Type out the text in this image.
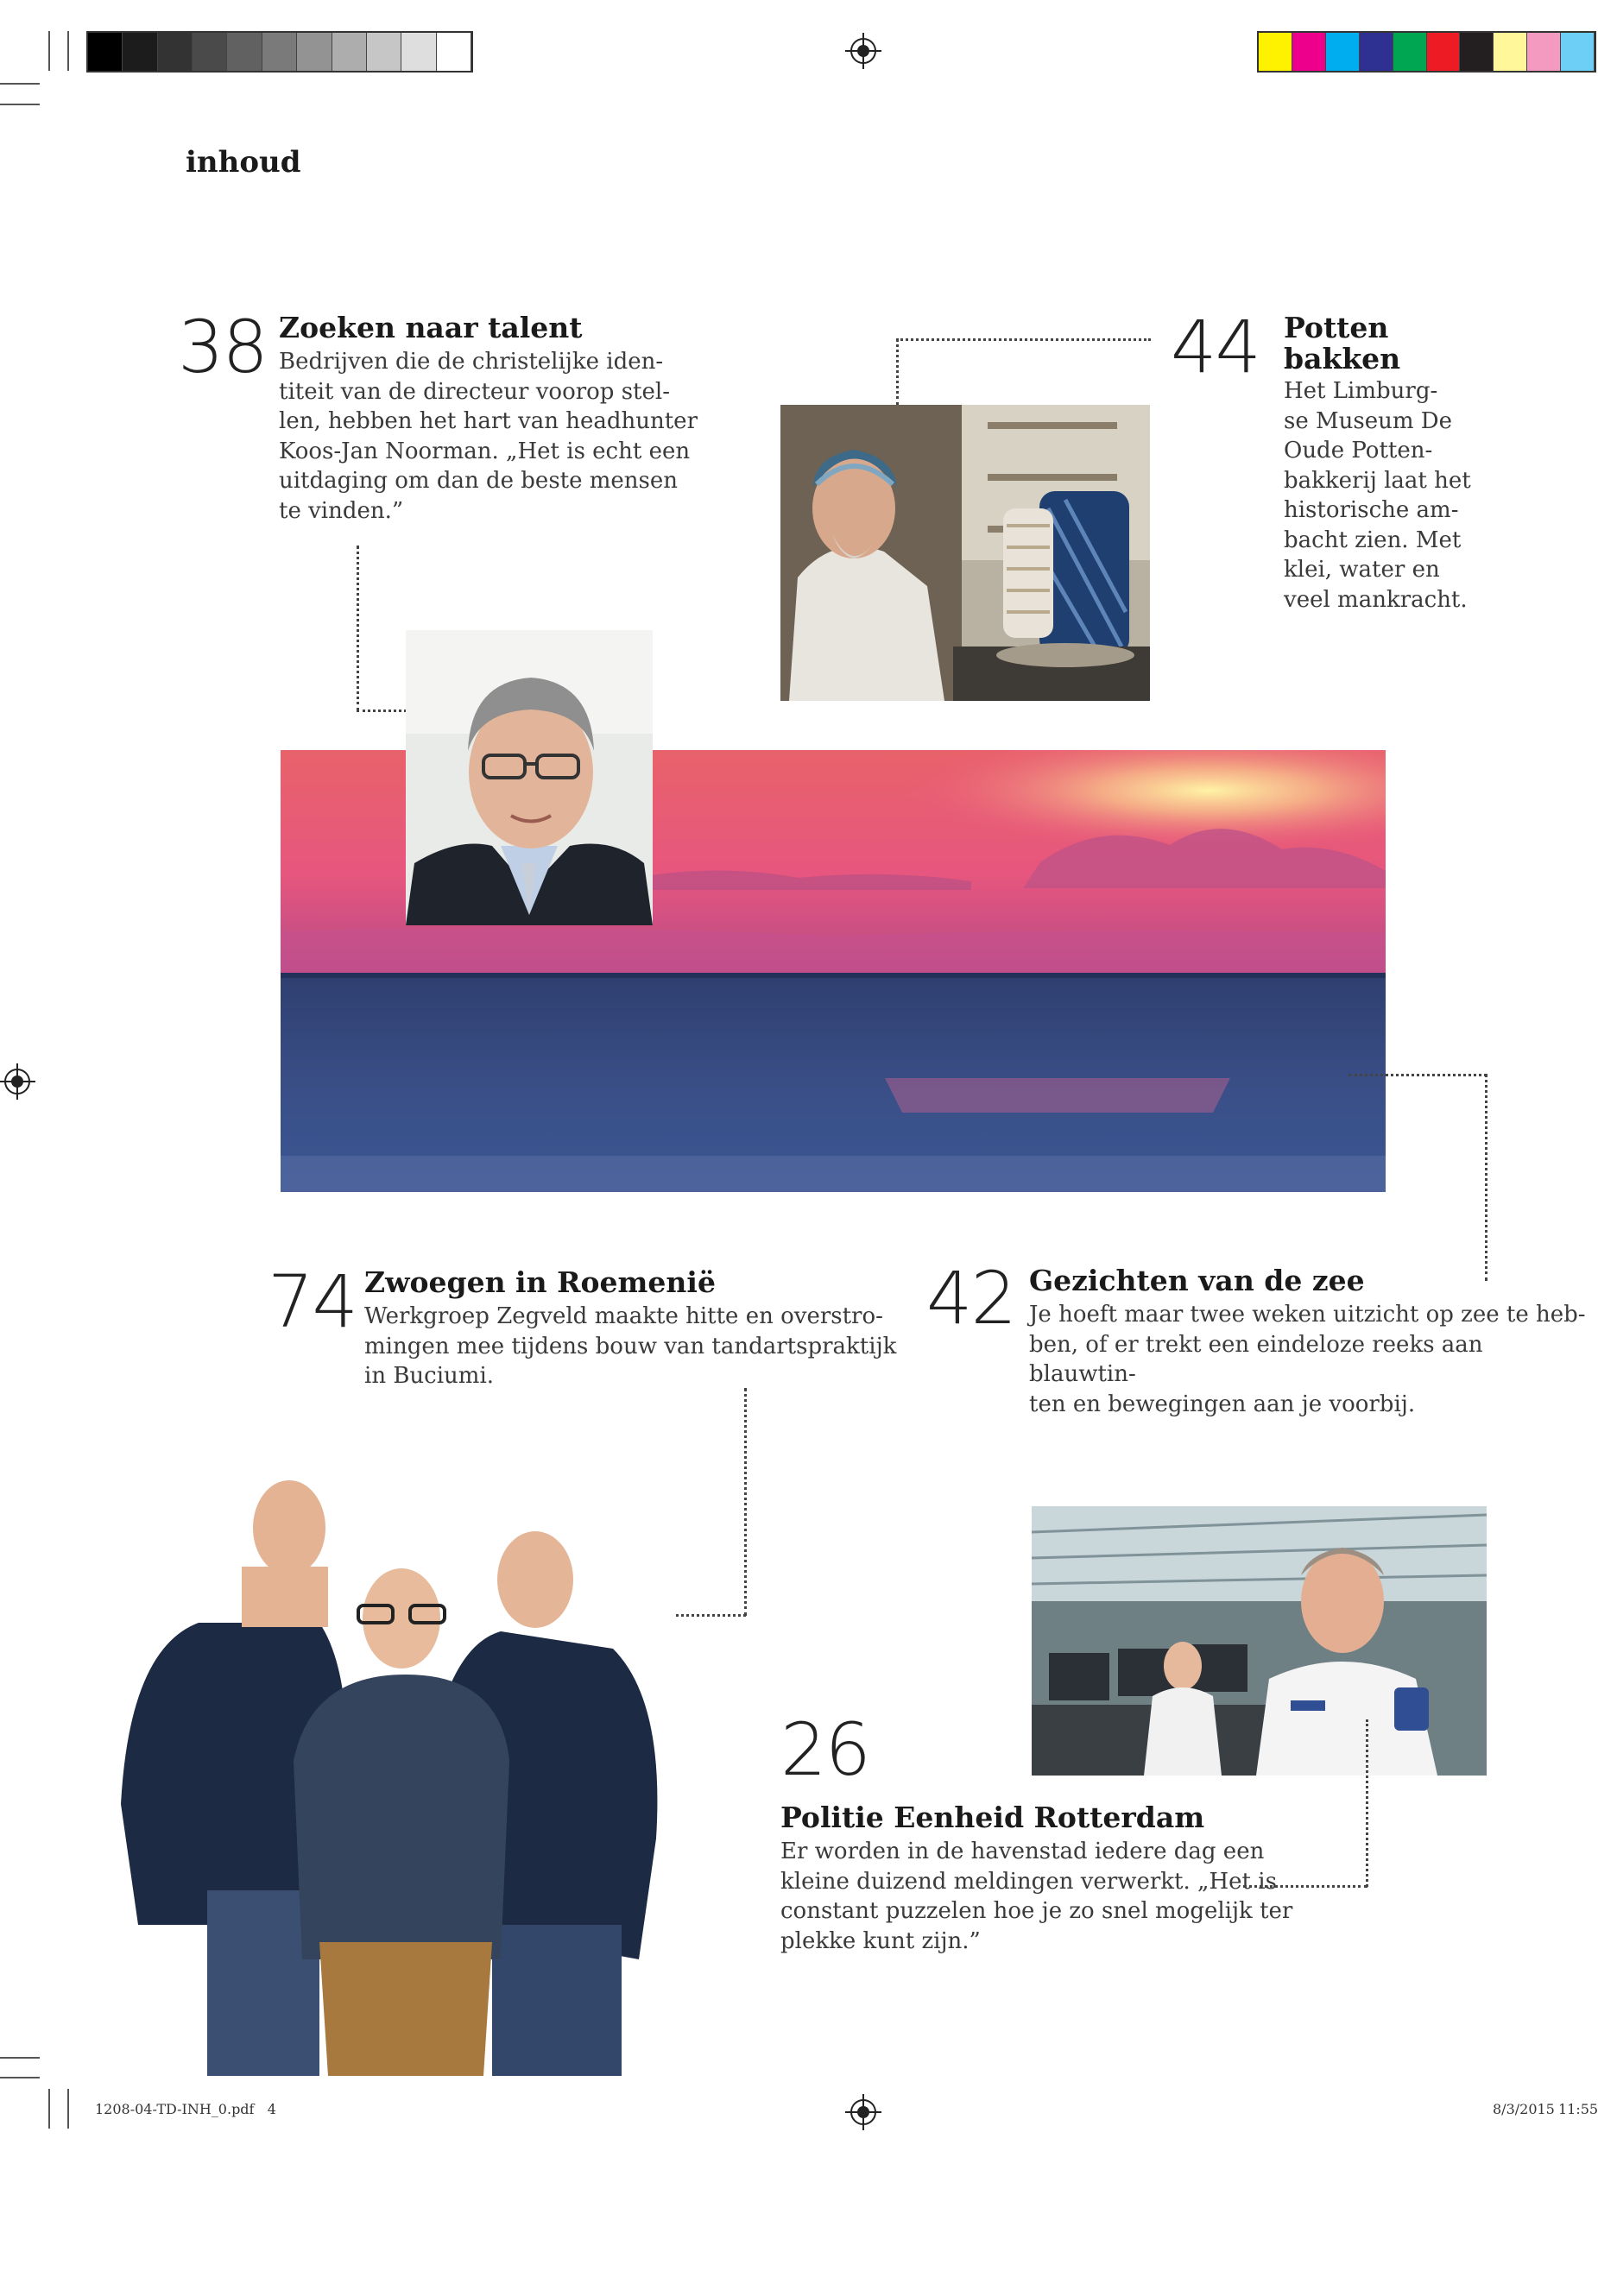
inhoud
38 Zoeken naar talent
Bedrijven die de christelijke iden-
titeit van de directeur voorop stel-
len, hebben het hart van headhunter
Koos-Jan Noorman. „Het is echt een
uitdaging om dan de beste mensen
te vinden.”
44 Potten
bakken
Het Limburg-
se Museum De
Oude Potten-
bakkerij laat het
historische am-
bacht zien. Met
klei, water en
veel mankracht.
74 Zwoegen in Roemenië
Werkgroep Zegveld maakte hitte en overstro-
mingen mee tijdens bouw van tandartspraktijk
in Buciumi.
42 Gezichten van de zee
Je hoeft maar twee weken uitzicht op zee te heb-
ben, of er trekt een eindeloze reeks aan blauwtin-
ten en bewegingen aan je voorbij.
26
Politie Eenheid Rotterdam
Er worden in de havenstad iedere dag een
kleine duizend meldingen verwerkt. „Het is
constant puzzelen hoe je zo snel mogelijk ter
plekke kunt zijn.”
1208-04-TD-INH_0.pdf   4	8/3/2015 11:55
